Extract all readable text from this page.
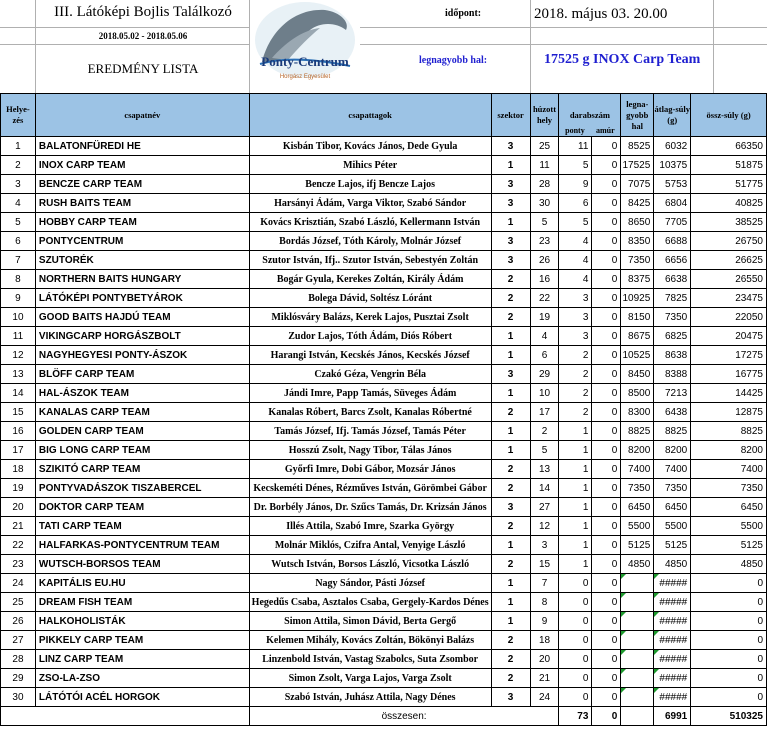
III. Látóképi Bojlis Találkozó
2018.05.02 - 2018.05.06
EREDMÉNY LISTA	Ponty-Centrum
Horgász Egyesület
időpont:	2018. május 03. 20.00
legnagyobb hal:	17525 g INOX Carp Team
Helye-zés	csapatnév	csapattagok	szektor	húzott hely	darabszám
ponty amúr		legna-gyobb hal	átlag-súly (g)	össz-súly (g)
1	BALATONFÜREDI HE	Kisbán Tibor, Kovács János, Dede Gyula	3	25	11	0	8525	6032	66350
2	INOX CARP TEAM	Mihics Péter	1	11	5	0	17525	10375	51875
3	BENCZE CARP TEAM	Bencze Lajos, ifj Bencze Lajos	3	28	9	0	7075	5753	51775
4	RUSH BAITS TEAM	Harsányi Ádám, Varga Viktor, Szabó Sándor	3	30	6	0	8425	6804	40825
5	HOBBY CARP TEAM	Kovács Krisztián, Szabó László, Kellermann István	1	5	5	0	8650	7705	38525
6	PONTYCENTRUM	Bordás József, Tóth Károly, Molnár József	3	23	4	0	8350	6688	26750
7	SZUTORÉK	Szutor István, Ifj.. Szutor István, Sebestyén Zoltán	3	26	4	0	7350	6656	26625
8	NORTHERN BAITS HUNGARY	Bogár Gyula, Kerekes Zoltán, Király Ádám	2	16	4	0	8375	6638	26550
9	LÁTÓKÉPI PONTYBETYÁROK	Bolega Dávid, Soltész Lóránt	2	22	3	0	10925	7825	23475
10	GOOD BAITS HAJDÚ TEAM	Miklósváry Balázs, Kerek Lajos, Pusztai Zsolt	2	19	3	0	8150	7350	22050
11	VIKINGCARP HORGÁSZBOLT	Zudor Lajos, Tóth Ádám, Diós Róbert	1	4	3	0	8675	6825	20475
12	NAGYHEGYESI PONTY-ÁSZOK	Harangi István, Kecskés János, Kecskés József	1	6	2	0	10525	8638	17275
13	BLÖFF CARP TEAM	Czakó Géza, Vengrin Béla	3	29	2	0	8450	8388	16775
14	HAL-ÁSZOK TEAM	Jándi Imre, Papp Tamás, Süveges Ádám	1	10	2	0	8500	7213	14425
15	KANALAS CARP TEAM	Kanalas Róbert, Barcs Zsolt, Kanalas Róbertné	2	17	2	0	8300	6438	12875
16	GOLDEN CARP TEAM	Tamás József, Ifj. Tamás József, Tamás Péter	1	2	1	0	8825	8825	8825
17	BIG LONG CARP TEAM	Hosszú Zsolt, Nagy Tibor, Tálas János	1	5	1	0	8200	8200	8200
18	SZIKITÓ CARP TEAM	Győrfi Imre, Dobi Gábor, Mozsár János	2	13	1	0	7400	7400	7400
19	PONTYVADÁSZOK TISZABERCEL	Kecskeméti Dénes, Rézműves István, Görömbei Gábor	2	14	1	0	7350	7350	7350
20	DOKTOR CARP TEAM	Dr. Borbély János, Dr. Szűcs Tamás, Dr. Krizsán János	3	27	1	0	6450	6450	6450
21	TATI CARP TEAM	Illés Attila, Szabó Imre, Szarka György	2	12	1	0	5500	5500	5500
22	HALFARKAS-PONTYCENTRUM TEAM	Molnár Miklós, Czifra Antal, Venyige László	1	3	1	0	5125	5125	5125
23	WUTSCH-BORSOS TEAM	Wutsch István, Borsos László, Vicsotka László	2	15	1	0	4850	4850	4850
24	KAPITÁLIS EU.HU	Nagy Sándor, Pásti József	1	7	0	0		#####	0
25	DREAM FISH TEAM	Hegedűs Csaba, Asztalos Csaba, Gergely-Kardos Dénes	1	8	0	0		#####	0
26	HALKOHOLISTÁK	Simon Attila, Simon Dávid, Berta Gergő	1	9	0	0		#####	0
27	PIKKELY CARP TEAM	Kelemen Mihály, Kovács Zoltán, Bökönyi Balázs	2	18	0	0		#####	0
28	LINZ CARP TEAM	Linzenbold István, Vastag Szabolcs, Suta Zsombor	2	20	0	0		#####	0
29	ZSO-LA-ZSO	Simon Zsolt, Varga Lajos, Varga Zsolt	2	21	0	0		#####	0
30	LÁTÓTÓI ACÉL HORGOK	Szabó István, Juhász Attila, Nagy Dénes	3	24	0	0		#####	0
		összesen:			73	0		6991	510325
